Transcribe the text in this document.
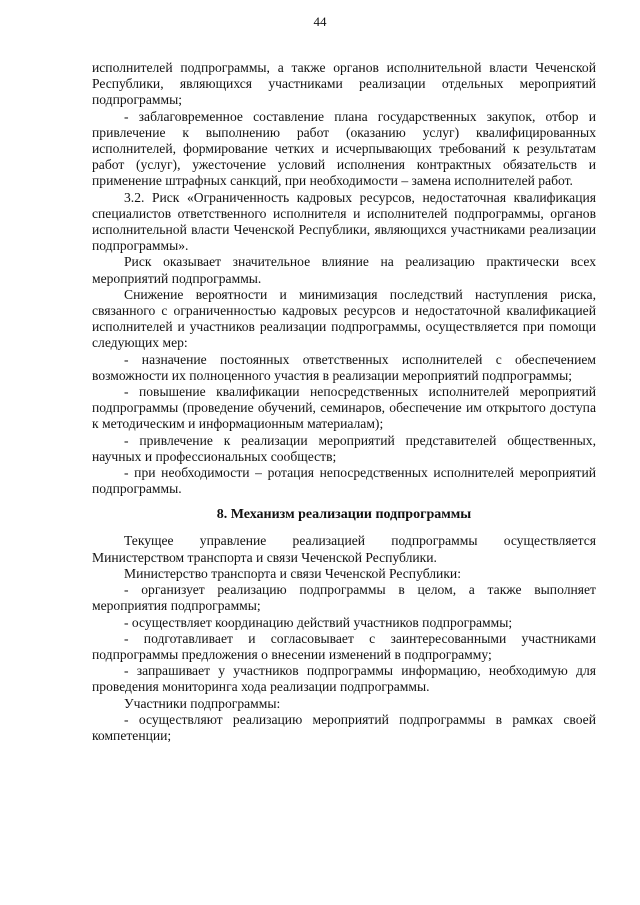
44

исполнителей подпрограммы, а также органов исполнительной власти Чеченской Республики, являющихся участниками реализации отдельных мероприятий подпрограммы;

- заблаговременное составление плана государственных закупок, отбор и привлечение к выполнению работ (оказанию услуг) квалифицированных исполнителей, формирование четких и исчерпывающих требований к результатам работ (услуг), ужесточение условий исполнения контрактных обязательств и применение штрафных санкций, при необходимости – замена исполнителей работ.

3.2. Риск «Ограниченность кадровых ресурсов, недостаточная квалификация специалистов ответственного исполнителя и исполнителей подпрограммы, органов исполнительной власти Чеченской Республики, являющихся участниками реализации подпрограммы».

Риск оказывает значительное влияние на реализацию практически всех мероприятий подпрограммы.

Снижение вероятности и минимизация последствий наступления риска, связанного с ограниченностью кадровых ресурсов и недостаточной квалификацией исполнителей и участников реализации подпрограммы, осуществляется при помощи следующих мер:

- назначение постоянных ответственных исполнителей с обеспечением возможности их полноценного участия в реализации мероприятий подпрограммы;

- повышение квалификации непосредственных исполнителей мероприятий подпрограммы (проведение обучений, семинаров, обеспечение им открытого доступа к методическим и информационным материалам);

- привлечение к реализации мероприятий представителей общественных, научных и профессиональных сообществ;

- при необходимости – ротация непосредственных исполнителей мероприятий подпрограммы.

8. Механизм реализации подпрограммы

Текущее управление реализацией подпрограммы осуществляется Министерством транспорта и связи Чеченской Республики.

Министерство транспорта и связи Чеченской Республики:

- организует реализацию подпрограммы в целом, а также выполняет мероприятия подпрограммы;

- осуществляет координацию действий участников подпрограммы;

- подготавливает и согласовывает с заинтересованными участниками подпрограммы предложения о внесении изменений в подпрограмму;

- запрашивает у участников подпрограммы информацию, необходимую для проведения мониторинга хода реализации подпрограммы.

Участники подпрограммы:

- осуществляют реализацию мероприятий подпрограммы в рамках своей компетенции;
